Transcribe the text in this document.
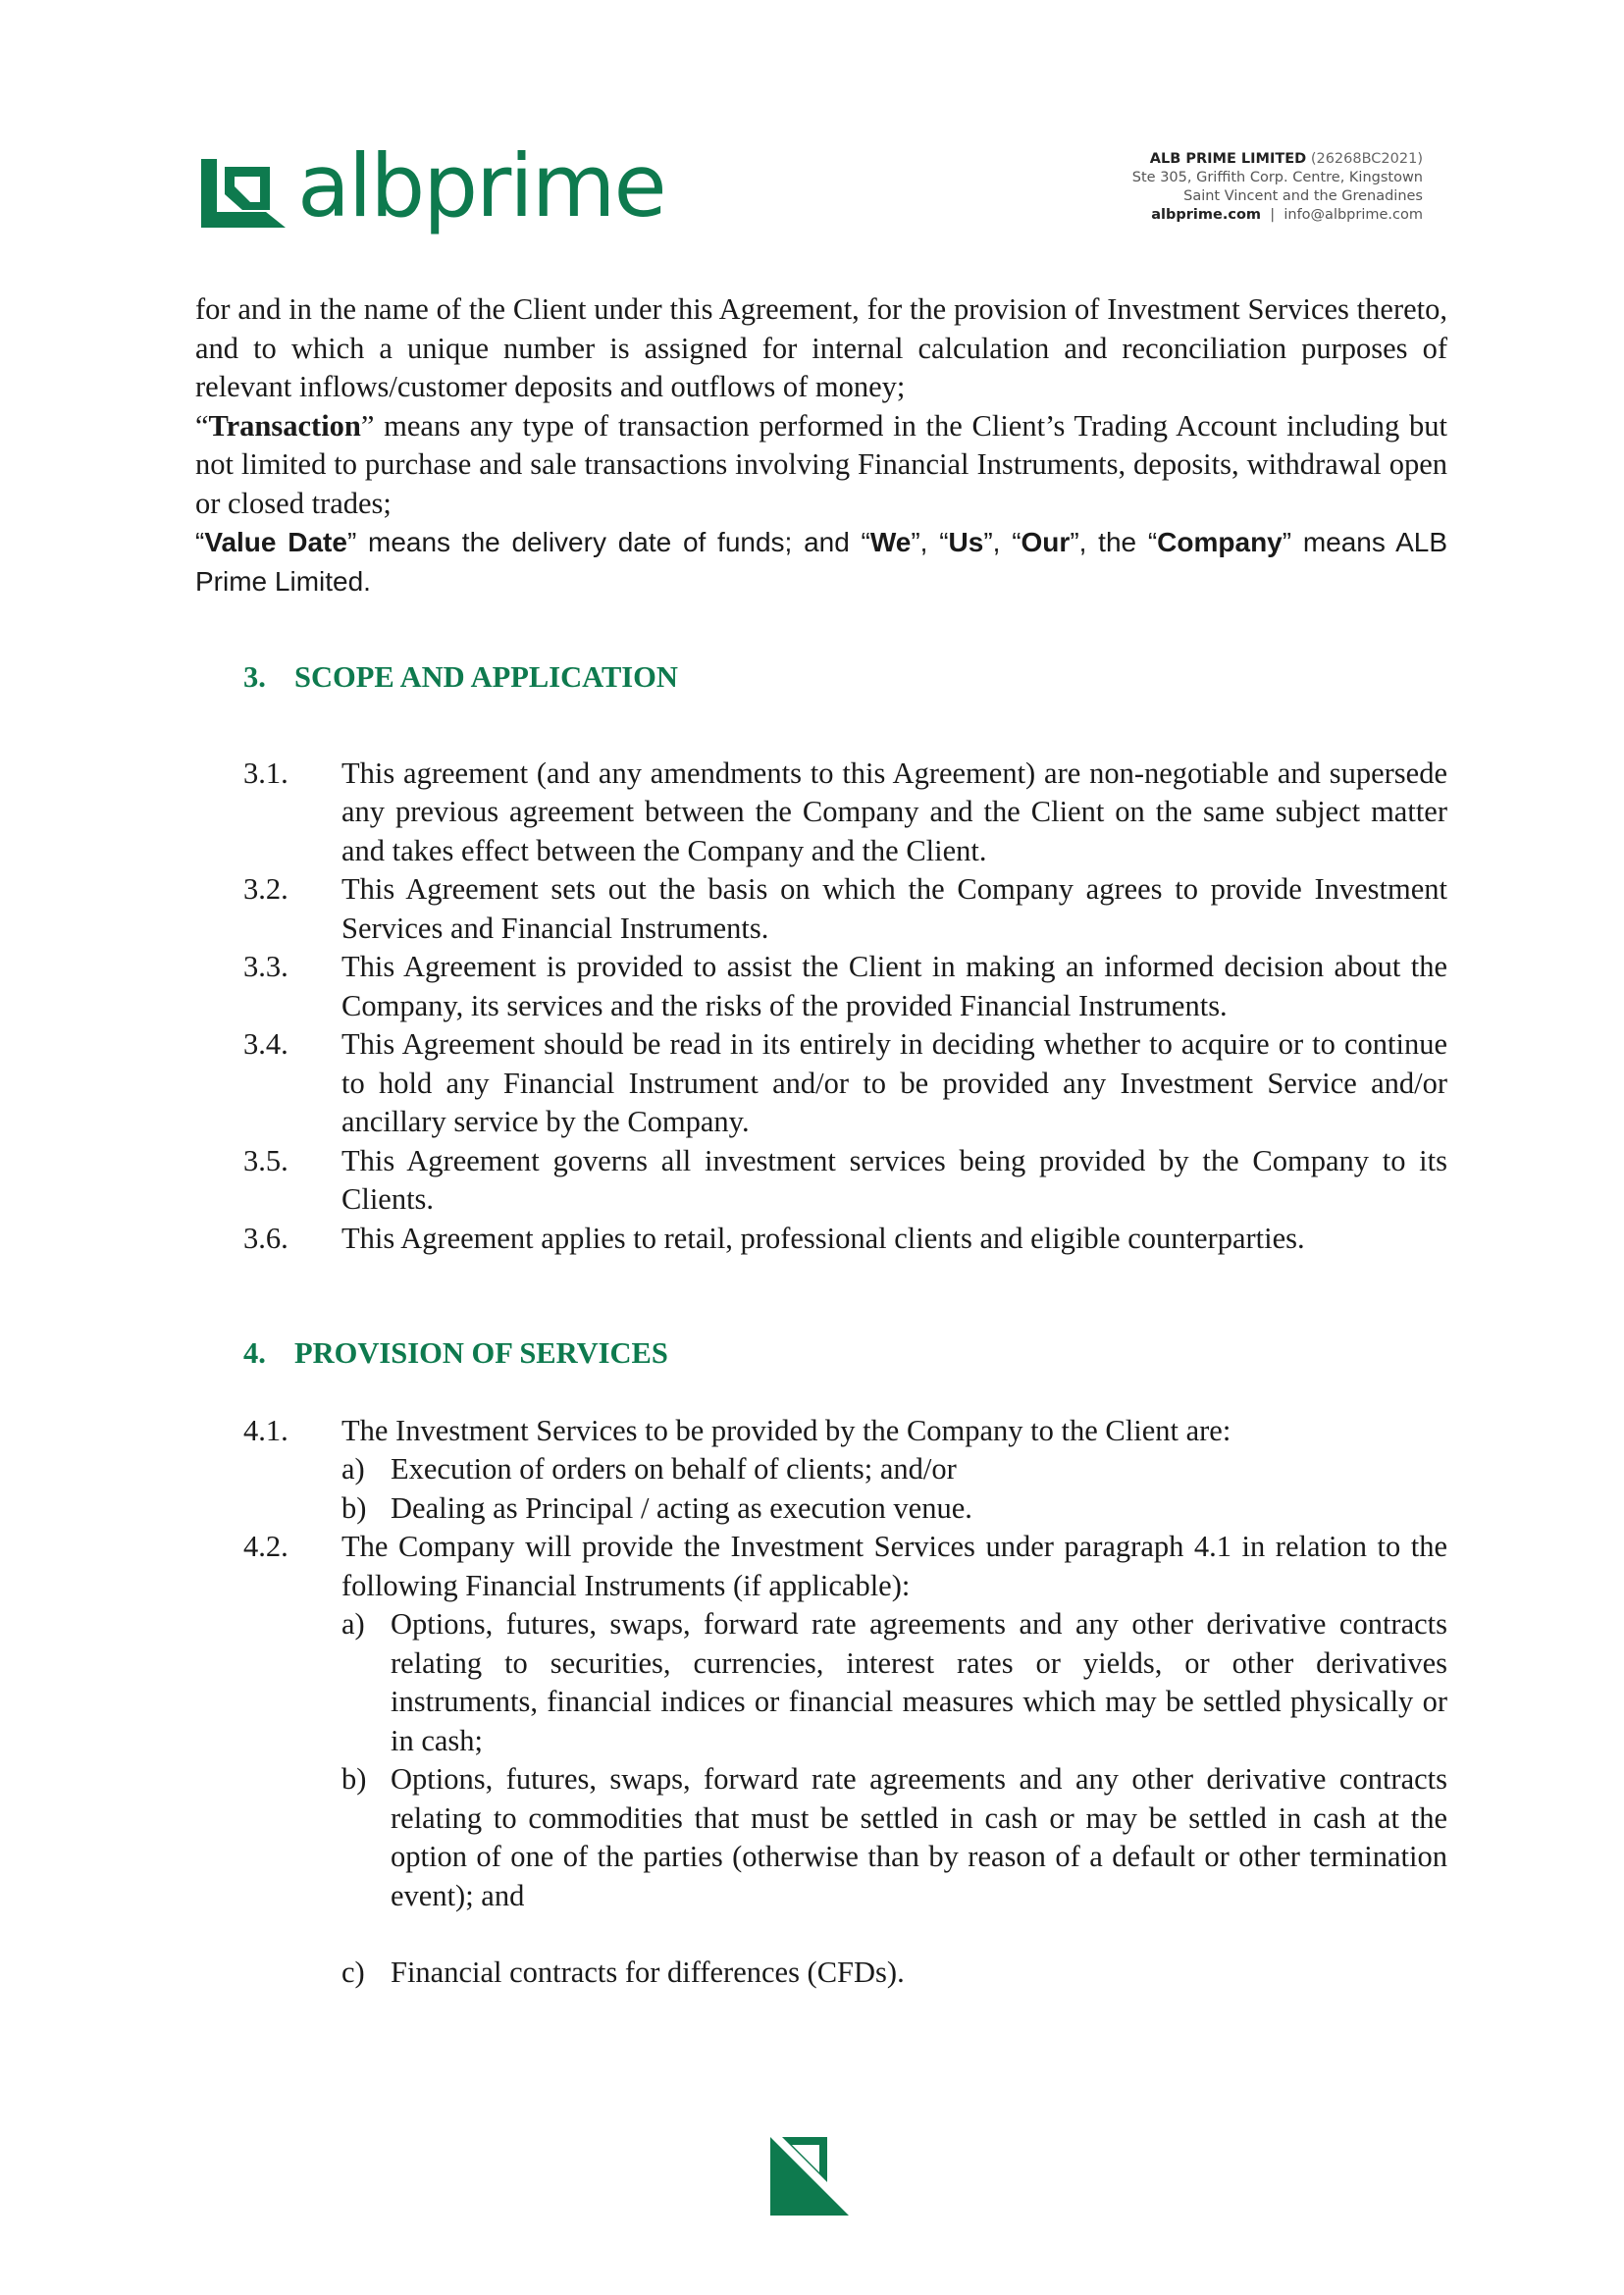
albprime	ALB PRIME LIMITED (26268BC2021)
Ste 305, Griffith Corp. Centre, Kingstown
Saint Vincent and the Grenadines
albprime.com | info@albprime.com

for and in the name of the Client under this Agreement, for the provision of Investment Services thereto, and to which a unique number is assigned for internal calculation and reconciliation purposes of relevant inflows/customer deposits and outflows of money;

“Transaction” means any type of transaction performed in the Client’s Trading Account including but not limited to purchase and sale transactions involving Financial Instruments, deposits, withdrawal open or closed trades;

“Value Date” means the delivery date of funds; and “We”, “Us”, “Our”, the “Company” means ALB Prime Limited.

3. SCOPE AND APPLICATION
3.1.	This agreement (and any amendments to this Agreement) are non-negotiable and supersede any previous agreement between the Company and the Client on the same subject matter and takes effect between the Company and the Client.
3.2.	This Agreement sets out the basis on which the Company agrees to provide Investment Services and Financial Instruments.
3.3.	This Agreement is provided to assist the Client in making an informed decision about the Company, its services and the risks of the provided Financial Instruments.
3.4.	This Agreement should be read in its entirely in deciding whether to acquire or to continue to hold any Financial Instrument and/or to be provided any Investment Service and/or ancillary service by the Company.
3.5.	This Agreement governs all investment services being provided by the Company to its Clients.
3.6.	This Agreement applies to retail, professional clients and eligible counterparties.
4. PROVISION OF SERVICES
4.1.	The Investment Services to be provided by the Company to the Client are:
a) Execution of orders on behalf of clients; and/or
b) Dealing as Principal / acting as execution venue.
4.2.	The Company will provide the Investment Services under paragraph 4.1 in relation to the following Financial Instruments (if applicable):
a) Options, futures, swaps, forward rate agreements and any other derivative contracts relating to securities, currencies, interest rates or yields, or other derivatives instruments, financial indices or financial measures which may be settled physically or in cash;
b) Options, futures, swaps, forward rate agreements and any other derivative contracts relating to commodities that must be settled in cash or may be settled in cash at the option of one of the parties (otherwise than by reason of a default or other termination event); and
c) Financial contracts for differences (CFDs).
